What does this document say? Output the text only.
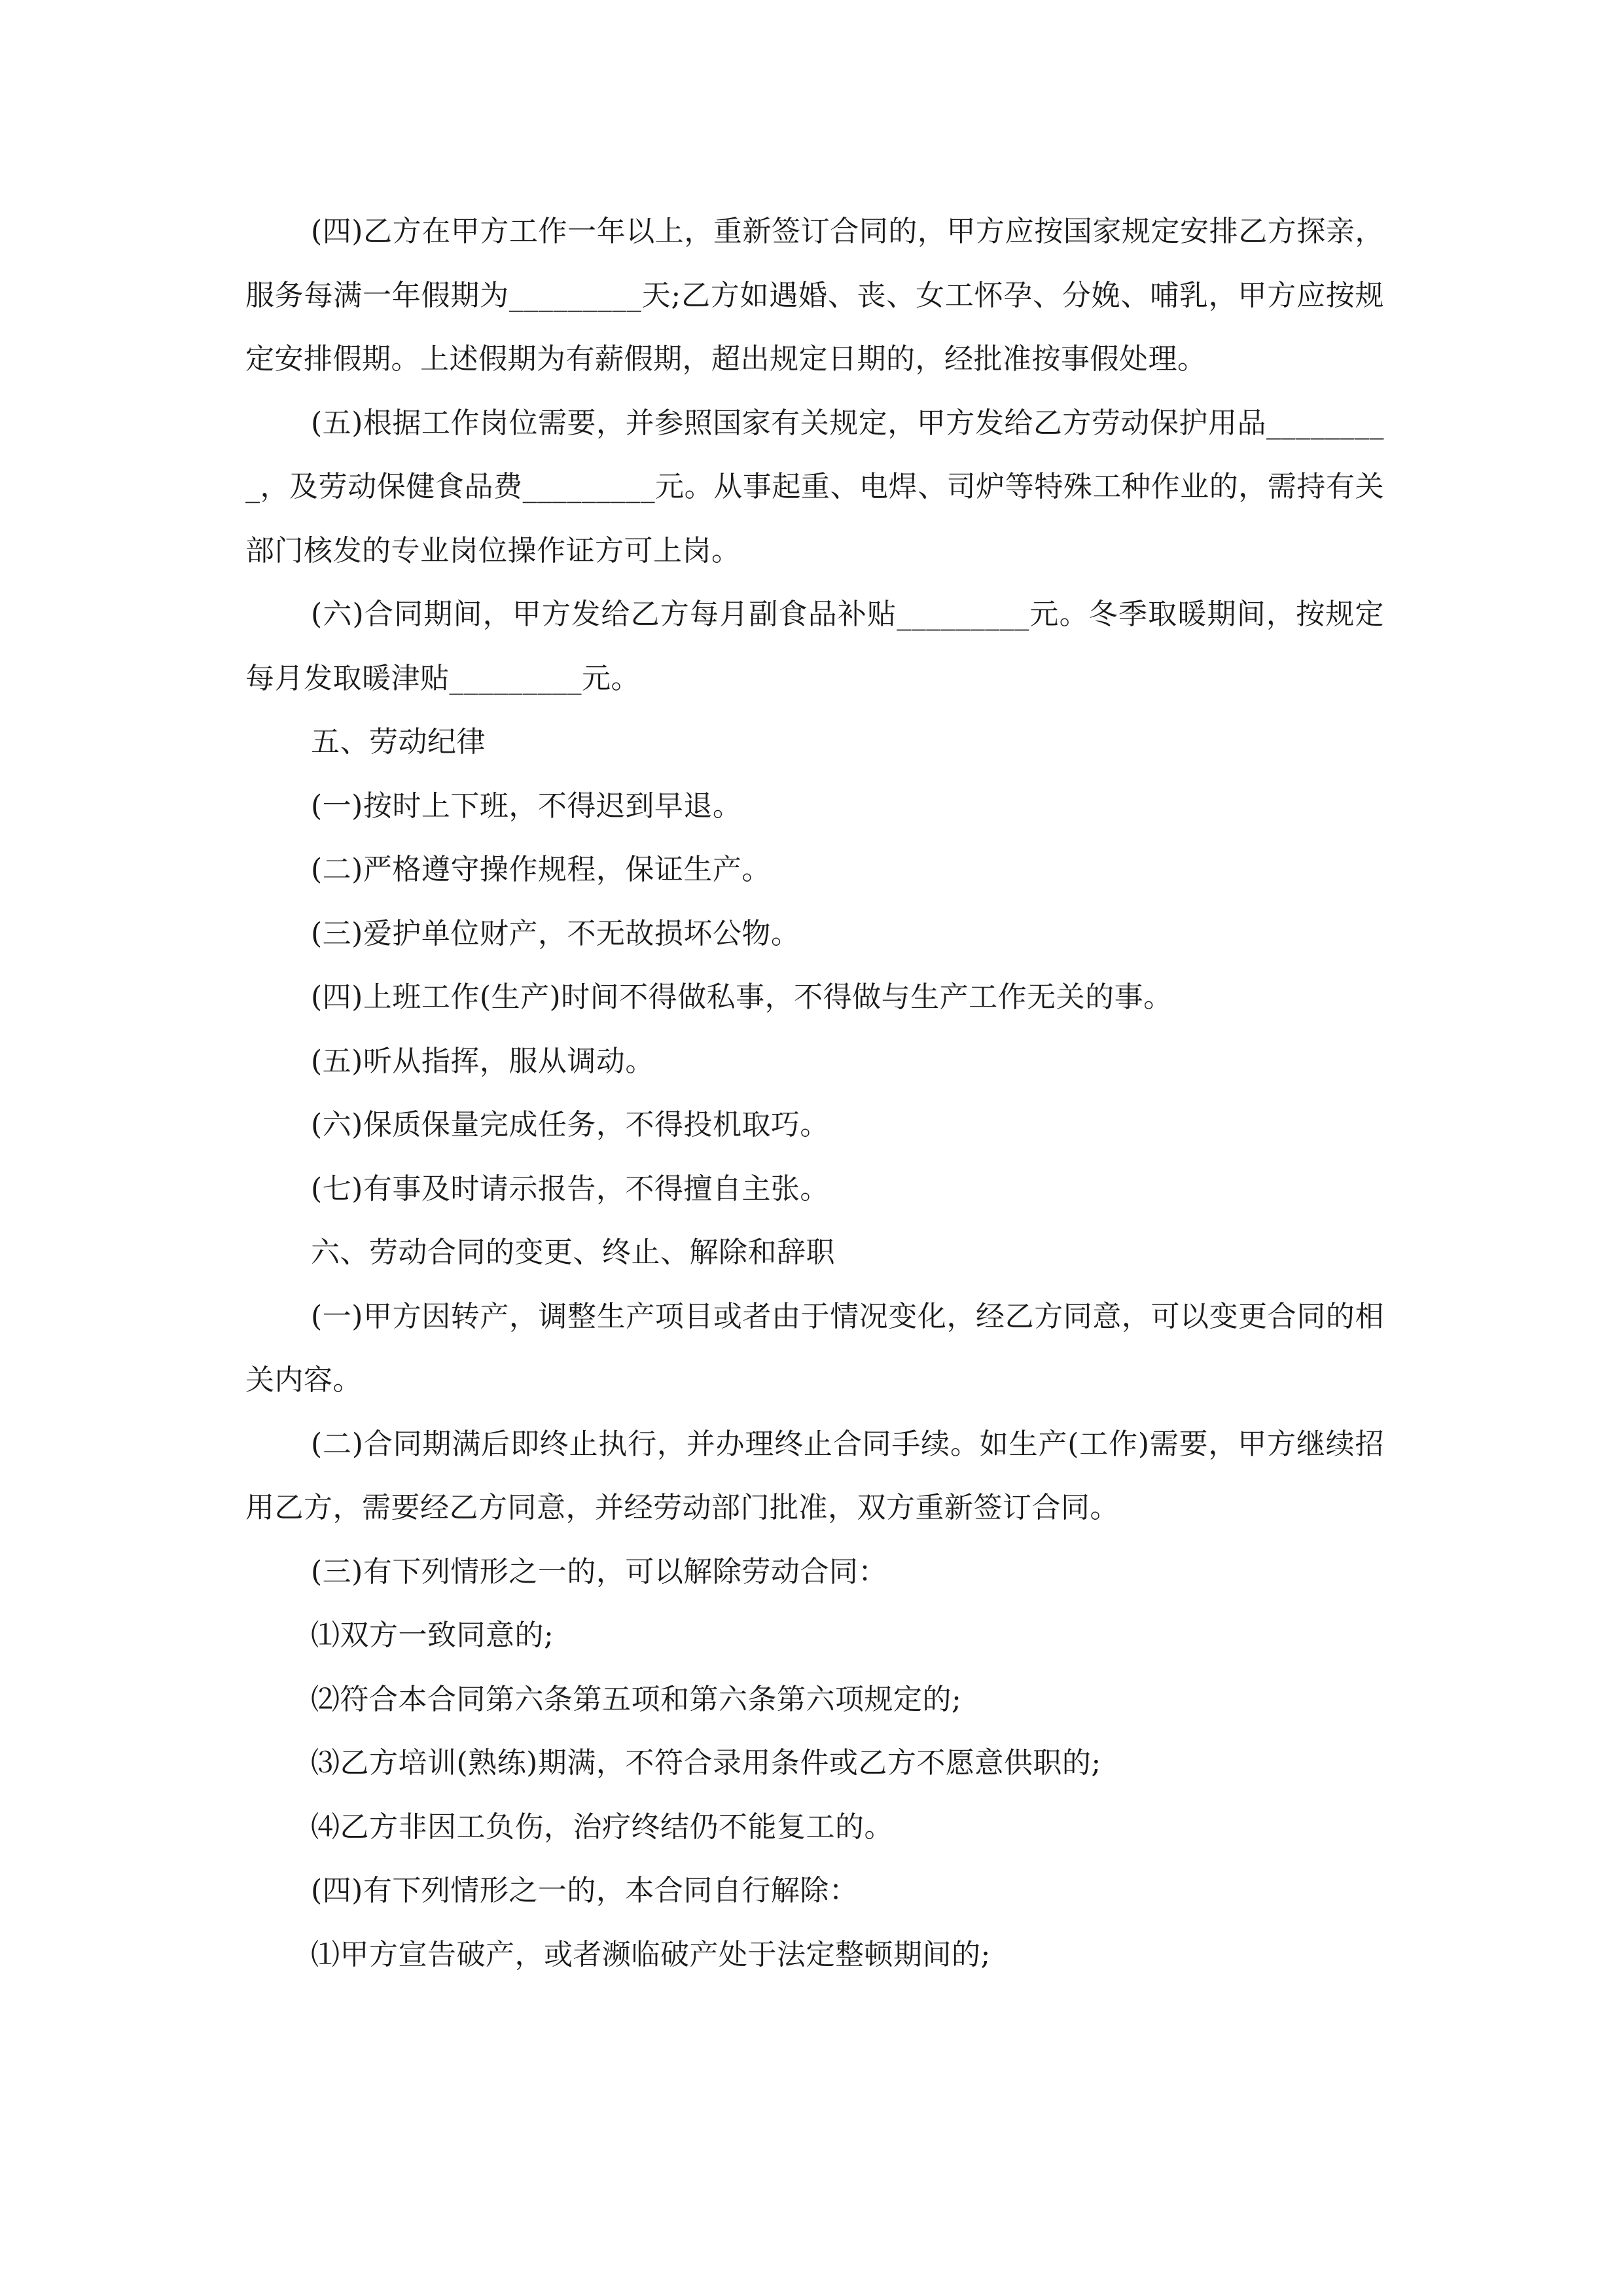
(四)乙方在甲方工作一年以上，重新签订合同的，甲方应按国家规定安排乙方探亲，服务每满一年假期为_________天;乙方如遇婚、丧、女工怀孕、分娩、哺乳，甲方应按规定安排假期。上述假期为有薪假期，超出规定日期的，经批准按事假处理。

(五)根据工作岗位需要，并参照国家有关规定，甲方发给乙方劳动保护用品_________，及劳动保健食品费_________元。从事起重、电焊、司炉等特殊工种作业的，需持有关部门核发的专业岗位操作证方可上岗。

(六)合同期间，甲方发给乙方每月副食品补贴_________元。冬季取暖期间，按规定每月发取暖津贴_________元。

五、劳动纪律

(一)按时上下班，不得迟到早退。

(二)严格遵守操作规程，保证生产。

(三)爱护单位财产，不无故损坏公物。

(四)上班工作(生产)时间不得做私事，不得做与生产工作无关的事。

(五)听从指挥，服从调动。

(六)保质保量完成任务，不得投机取巧。

(七)有事及时请示报告，不得擅自主张。

六、劳动合同的变更、终止、解除和辞职

(一)甲方因转产，调整生产项目或者由于情况变化，经乙方同意，可以变更合同的相关内容。

(二)合同期满后即终止执行，并办理终止合同手续。如生产(工作)需要，甲方继续招用乙方，需要经乙方同意，并经劳动部门批准，双方重新签订合同。

(三)有下列情形之一的，可以解除劳动合同：

⑴双方一致同意的;

⑵符合本合同第六条第五项和第六条第六项规定的;

⑶乙方培训(熟练)期满，不符合录用条件或乙方不愿意供职的;

⑷乙方非因工负伤，治疗终结仍不能复工的。

(四)有下列情形之一的，本合同自行解除：

⑴甲方宣告破产，或者濒临破产处于法定整顿期间的;
